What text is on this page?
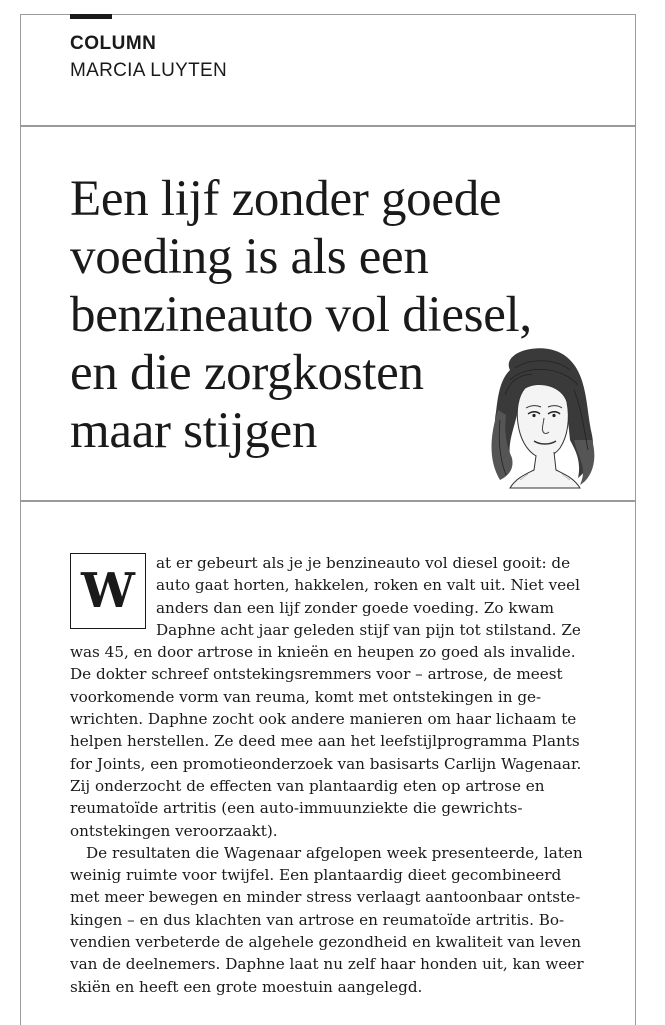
COLUMN
MARCIA LUYTEN
Een lijf zonder goede
voeding is als een
benzineauto vol diesel,
en die zorgkosten
maar stijgen
W	at er gebeurt als je je benzineauto vol diesel gooit: de
auto gaat horten, hakkelen, roken en valt uit. Niet veel
anders dan een lijf zonder goede voeding. Zo kwam
Daphne acht jaar geleden stijf van pijn tot stilstand. Ze
was 45, en door artrose in knieën en heupen zo goed als invalide.
De dokter schreef ontstekingsremmers voor – artrose, de meest
voorkomende vorm van reuma, komt met ontstekingen in ge-
wrichten. Daphne zocht ook andere manieren om haar lichaam te
helpen herstellen. Ze deed mee aan het leefstijlprogramma Plants
for Joints, een promotieonderzoek van basisarts Carlijn Wagenaar.
Zij onderzocht de effecten van plantaardig eten op artrose en
reumatoïde artritis (een auto-immuunziekte die gewrichts-
ontstekingen veroorzaakt).
De resultaten die Wagenaar afgelopen week presenteerde, laten
weinig ruimte voor twijfel. Een plantaardig dieet gecombineerd
met meer bewegen en minder stress verlaagt aantoonbaar ontste-
kingen – en dus klachten van artrose en reumatoïde artritis. Bo-
vendien verbeterde de algehele gezondheid en kwaliteit van leven
van de deelnemers. Daphne laat nu zelf haar honden uit, kan weer
skiën en heeft een grote moestuin aangelegd.
